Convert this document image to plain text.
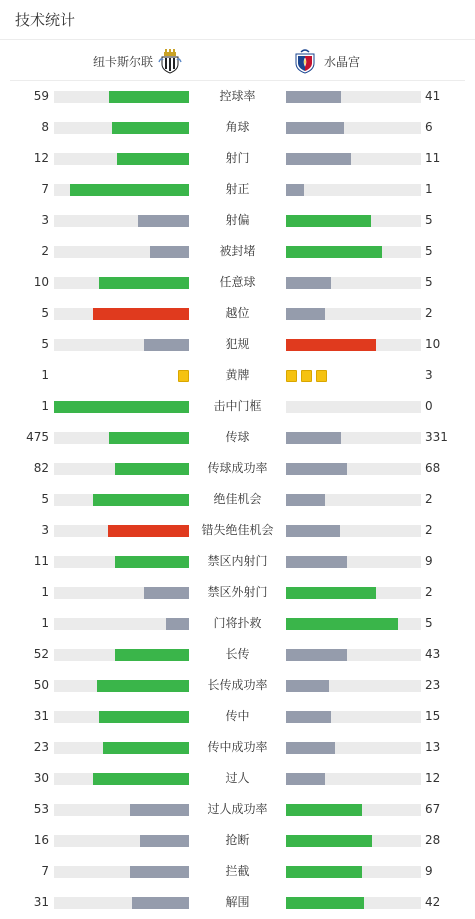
技术统计
纽卡斯尔联	水晶宫
59	控球率	41
8	角球	6
12	射门	11
7	射正	1
3	射偏	5
2	被封堵	5
10	任意球	5
5	越位	2
5	犯规	10
1	黄牌	3
1	击中门框	0
475	传球	331
82	传球成功率	68
5	绝佳机会	2
3	错失绝佳机会	2
11	禁区内射门	9
1	禁区外射门	2
1	门将扑救	5
52	长传	43
50	长传成功率	23
31	传中	15
23	传中成功率	13
30	过人	12
53	过人成功率	67
16	抢断	28
7	拦截	9
31	解围	42
